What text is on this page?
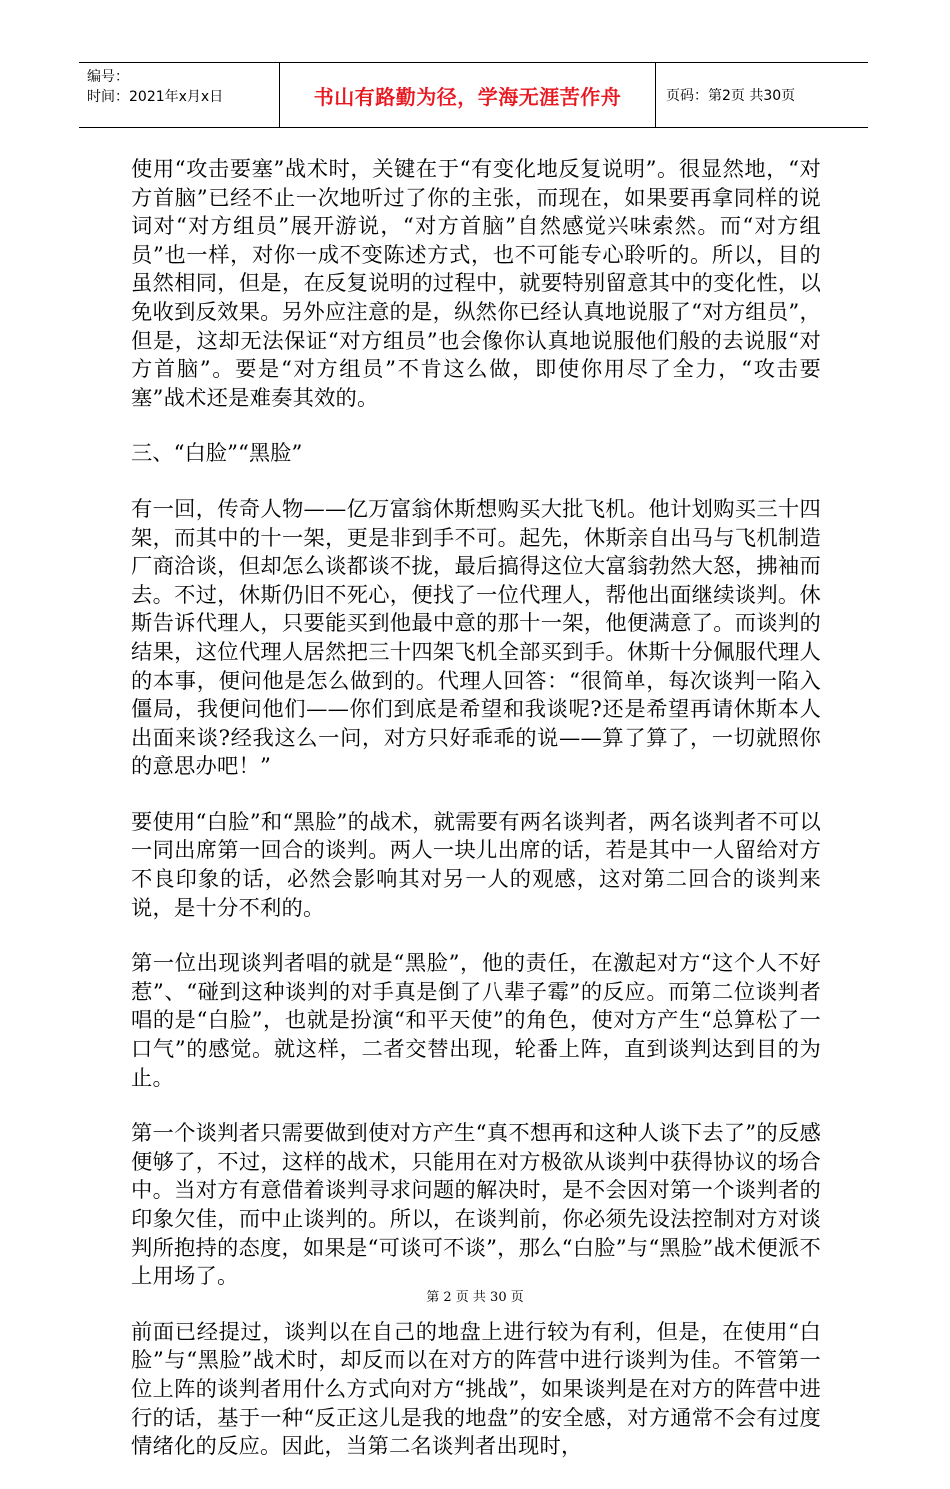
编号：
时间：2021年x月x日	书山有路勤为径，学海无涯苦作舟	页码：第2页 共30页

使用“攻击要塞”战术时，关键在于“有变化地反复说明”。很显然地，“对方首脑”已经不止一次地听过了你的主张，而现在，如果要再拿同样的说词对“对方组员”展开游说，“对方首脑”自然感觉兴味索然。而“对方组员”也一样，对你一成不变陈述方式，也不可能专心聆听的。所以，目的虽然相同，但是，在反复说明的过程中，就要特别留意其中的变化性，以免收到反效果。另外应注意的是，纵然你已经认真地说服了“对方组员”，但是，这却无法保证“对方组员”也会像你认真地说服他们般的去说服“对方首脑”。要是“对方组员”不肯这么做，即使你用尽了全力，“攻击要塞”战术还是难奏其效的。

三、“白脸”“黑脸”

有一回，传奇人物——亿万富翁休斯想购买大批飞机。他计划购买三十四架，而其中的十一架，更是非到手不可。起先，休斯亲自出马与飞机制造厂商洽谈，但却怎么谈都谈不拢，最后搞得这位大富翁勃然大怒，拂袖而去。不过，休斯仍旧不死心，便找了一位代理人，帮他出面继续谈判。休斯告诉代理人，只要能买到他最中意的那十一架，他便满意了。而谈判的结果，这位代理人居然把三十四架飞机全部买到手。休斯十分佩服代理人的本事，便问他是怎么做到的。代理人回答：“很简单，每次谈判一陷入僵局，我便问他们——你们到底是希望和我谈呢?还是希望再请休斯本人出面来谈?经我这么一问，对方只好乖乖的说——算了算了，一切就照你的意思办吧！”

要使用“白脸”和“黑脸”的战术，就需要有两名谈判者，两名谈判者不可以一同出席第一回合的谈判。两人一块儿出席的话，若是其中一人留给对方不良印象的话，必然会影响其对另一人的观感，这对第二回合的谈判来说，是十分不利的。

第一位出现谈判者唱的就是“黑脸”，他的责任，在激起对方“这个人不好惹”、“碰到这种谈判的对手真是倒了八辈子霉”的反应。而第二位谈判者唱的是“白脸”，也就是扮演“和平天使”的角色，使对方产生“总算松了一口气”的感觉。就这样，二者交替出现，轮番上阵，直到谈判达到目的为止。

第一个谈判者只需要做到使对方产生“真不想再和这种人谈下去了”的反感便够了，不过，这样的战术，只能用在对方极欲从谈判中获得协议的场合中。当对方有意借着谈判寻求问题的解决时，是不会因对第一个谈判者的印象欠佳，而中止谈判的。所以，在谈判前，你必须先设法控制对方对谈判所抱持的态度，如果是“可谈可不谈”，那么“白脸”与“黑脸”战术便派不上用场了。

前面已经提过，谈判以在自己的地盘上进行较为有利，但是，在使用“白脸”与“黑脸”战术时，却反而以在对方的阵营中进行谈判为佳。不管第一位上阵的谈判者用什么方式向对方“挑战”，如果谈判是在对方的阵营中进行的话，基于一种“反正这儿是我的地盘”的安全感，对方通常不会有过度情绪化的反应。因此，当第二名谈判者出现时，

第 2 页 共 30 页
